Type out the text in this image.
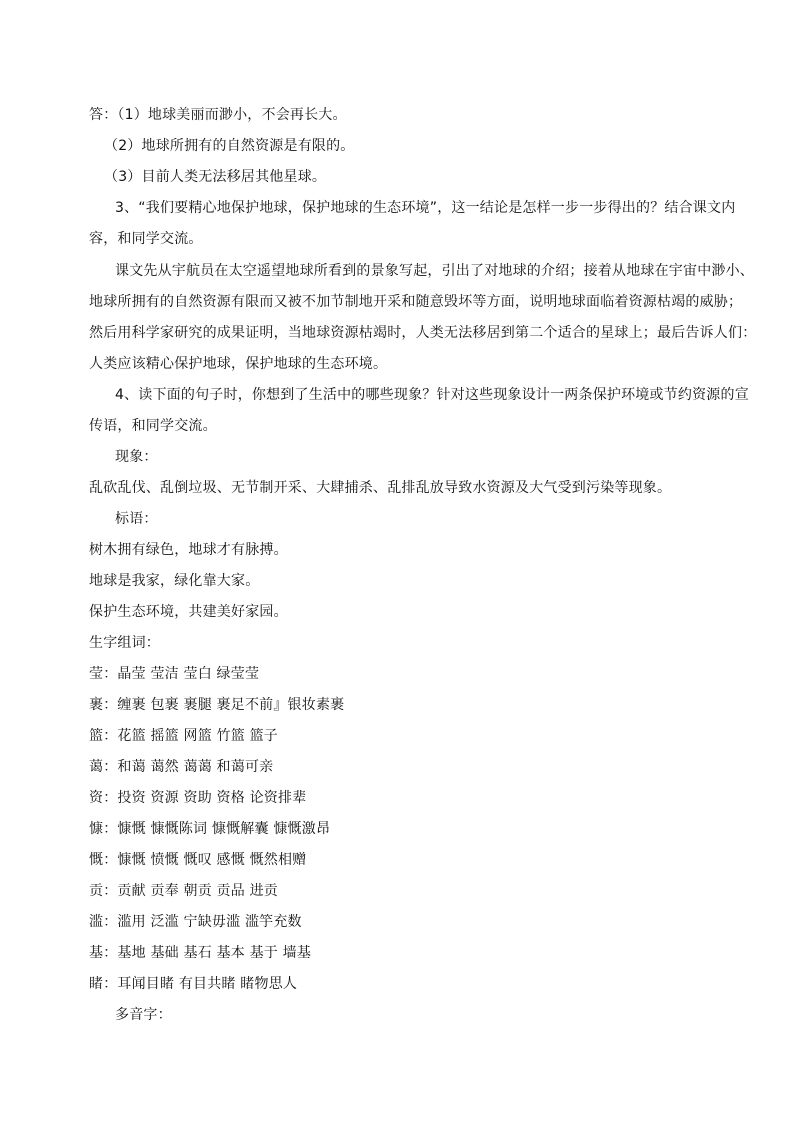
答：（1）地球美丽而渺小，不会再长大。
（2）地球所拥有的自然资源是有限的。
（3）目前人类无法移居其他星球。
3、“我们要精心地保护地球，保护地球的生态环境”，这一结论是怎样一步一步得出的？结合课文内
容，和同学交流。
课文先从宇航员在太空遥望地球所看到的景象写起，引出了对地球的介绍；接着从地球在宇宙中渺小、
地球所拥有的自然资源有限而又被不加节制地开采和随意毁坏等方面，说明地球面临着资源枯竭的威胁；
然后用科学家研究的成果证明，当地球资源枯竭时，人类无法移居到第二个适合的星球上；最后告诉人们：
人类应该精心保护地球，保护地球的生态环境。
4、读下面的句子时，你想到了生活中的哪些现象？针对这些现象设计一两条保护环境或节约资源的宣
传语，和同学交流。
现象：
乱砍乱伐、乱倒垃圾、无节制开采、大肆捕杀、乱排乱放导致水资源及大气受到污染等现象。
标语：
树木拥有绿色，地球才有脉搏。
地球是我家，绿化靠大家。
保护生态环境，共建美好家园。
生字组词：
莹：晶莹 莹洁 莹白 绿莹莹
裹：缠裹 包裹 裹腿 裹足不前』银妆素裹
篮：花篮 摇篮 网篮 竹篮 篮子
蔼：和蔼 蔼然 蔼蔼 和蔼可亲
资：投资 资源 资助 资格 论资排辈
慷：慷慨 慷慨陈词 慷慨解囊 慷慨激昂
慨：慷慨 愤慨 慨叹 感慨 慨然相赠
贡：贡献 贡奉 朝贡 贡品 进贡
滥：滥用 泛滥 宁缺毋滥 滥竽充数
基：基地 基础 基石 基本 基于 墙基
睹：耳闻目睹 有目共睹 睹物思人
多音字：
